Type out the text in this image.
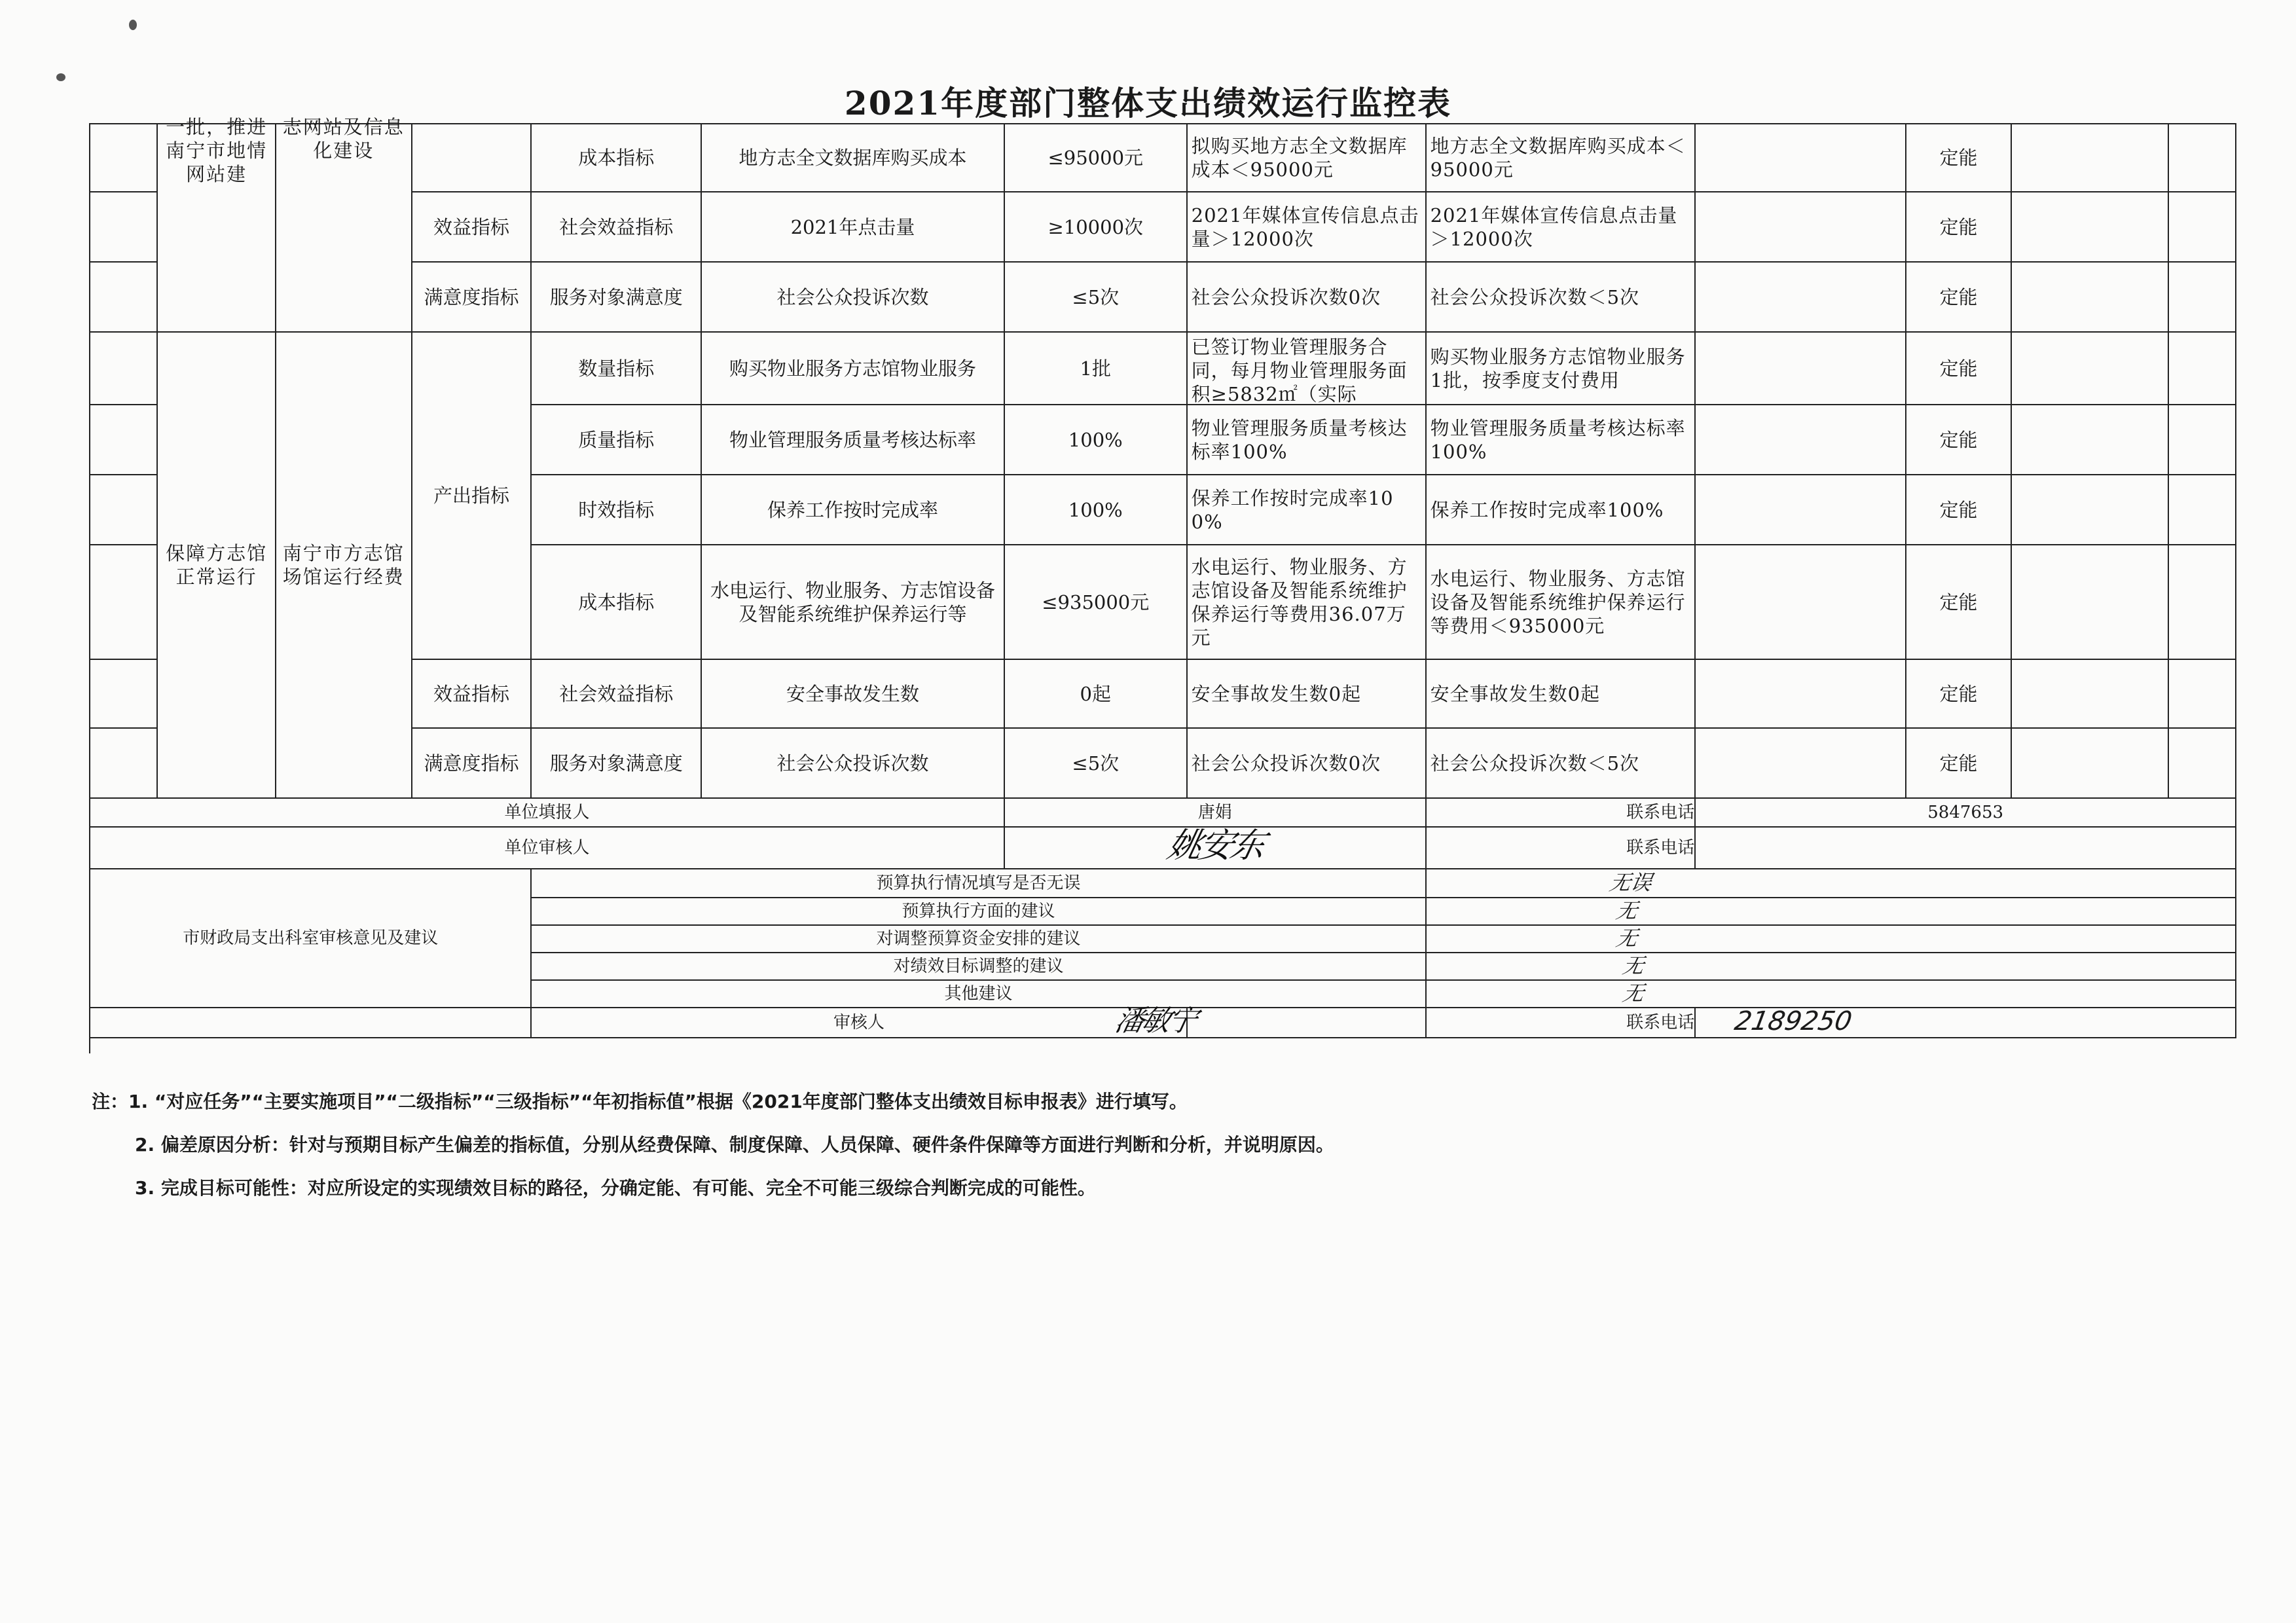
2021年度部门整体支出绩效运行监控表

	一批，推进南宁市地情网站建	志网站及信息化建设		成本指标	地方志全文数据库购买成本	≤95000元	拟购买地方志全文数据库成本＜95000元	地方志全文数据库购买成本＜95000元		定能		
			效益指标	社会效益指标	2021年点击量	≥10000次	2021年媒体宣传信息点击量＞12000次	2021年媒体宣传信息点击量＞12000次		定能		
			满意度指标	服务对象满意度	社会公众投诉次数	≤5次	社会公众投诉次数0次	社会公众投诉次数＜5次		定能		
	保障方志馆正常运行	南宁市方志馆场馆运行经费	产出指标	数量指标	购买物业服务方志馆物业服务	1批	已签订物业管理服务合同，每月物业管理服务面积≥5832㎡（实际	购买物业服务方志馆物业服务1批，按季度支付费用		定能		
				质量指标	物业管理服务质量考核达标率	100%	物业管理服务质量考核达标率100%	物业管理服务质量考核达标率100%		定能		
				时效指标	保养工作按时完成率	100%	保养工作按时完成率100%	保养工作按时完成率100%		定能		
				成本指标	水电运行、物业服务、方志馆设备及智能系统维护保养运行等	≤935000元	水电运行、物业服务、方志馆设备及智能系统维护保养运行等费用36.07万元	水电运行、物业服务、方志馆设备及智能系统维护保养运行等费用＜935000元		定能		
			效益指标	社会效益指标	安全事故发生数	0起	安全事故发生数0起	安全事故发生数0起		定能		
			满意度指标	服务对象满意度	社会公众投诉次数	≤5次	社会公众投诉次数0次	社会公众投诉次数＜5次		定能		
单位填报人						唐娟		联系电话	5847653			
单位审核人						姚安东		联系电话				
市财政局支出科室审核意见及建议				预算执行情况填写是否无误				无误				
				预算执行方面的建议				无				
				对调整预算资金安排的建议				无				
				对绩效目标调整的建议				无				
				其他建议				无				
				审核人			潘敏宁	联系电话	2189250			

注：1. “对应任务”“主要实施项目”“二级指标”“三级指标”“年初指标值”根据《2021年度部门整体支出绩效目标申报表》进行填写。
2. 偏差原因分析：针对与预期目标产生偏差的指标值，分别从经费保障、制度保障、人员保障、硬件条件保障等方面进行判断和分析，并说明原因。
3. 完成目标可能性：对应所设定的实现绩效目标的路径，分确定能、有可能、完全不可能三级综合判断完成的可能性。
